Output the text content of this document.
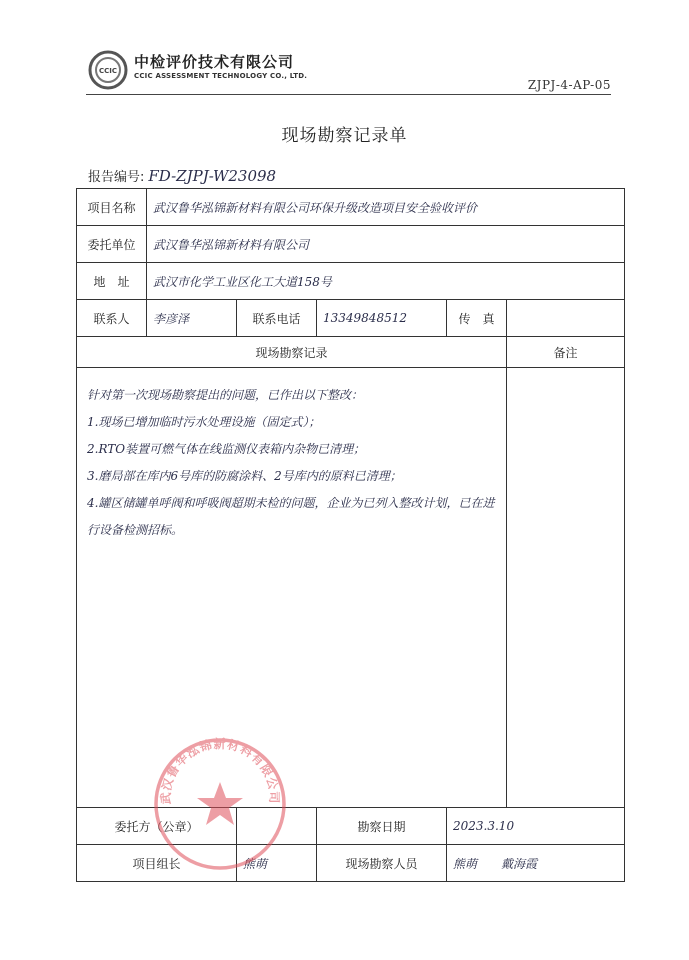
CCIC 中检评价技术有限公司
CCIC ASSESSMENT TECHNOLOGY CO., LTD.
ZJPJ-4-AP-05
现场勘察记录单
报告编号: FD-ZJPJ-W23098
项目名称	武汉鲁华泓锦新材料有限公司环保升级改造项目安全验收评价				
委托单位	武汉鲁华泓锦新材料有限公司				
地　址	武汉市化学工业区化工大道158号				
联系人	李彦泽	联系电话	13349848512	传　真	
现场勘察记录					备注

针对第一次现场勘察提出的问题，已作出以下整改：

1.现场已增加临时污水处理设施（固定式）；

2.RTO装置可燃气体在线监测仪表箱内杂物已清理；

3.磨局部在库内6号库的防腐涂料、2号库内的原料已清理；

4.罐区储罐单呼阀和呼吸阀超期未检的问题，企业为已列入整改计划，已在进行设备检测招标。					

委托方（公章）			勘察日期	2023.3.10	
项目组长		熊萌	现场勘察人员	熊萌　　戴海霞	
武汉鲁华泓锦新材料有限公司
